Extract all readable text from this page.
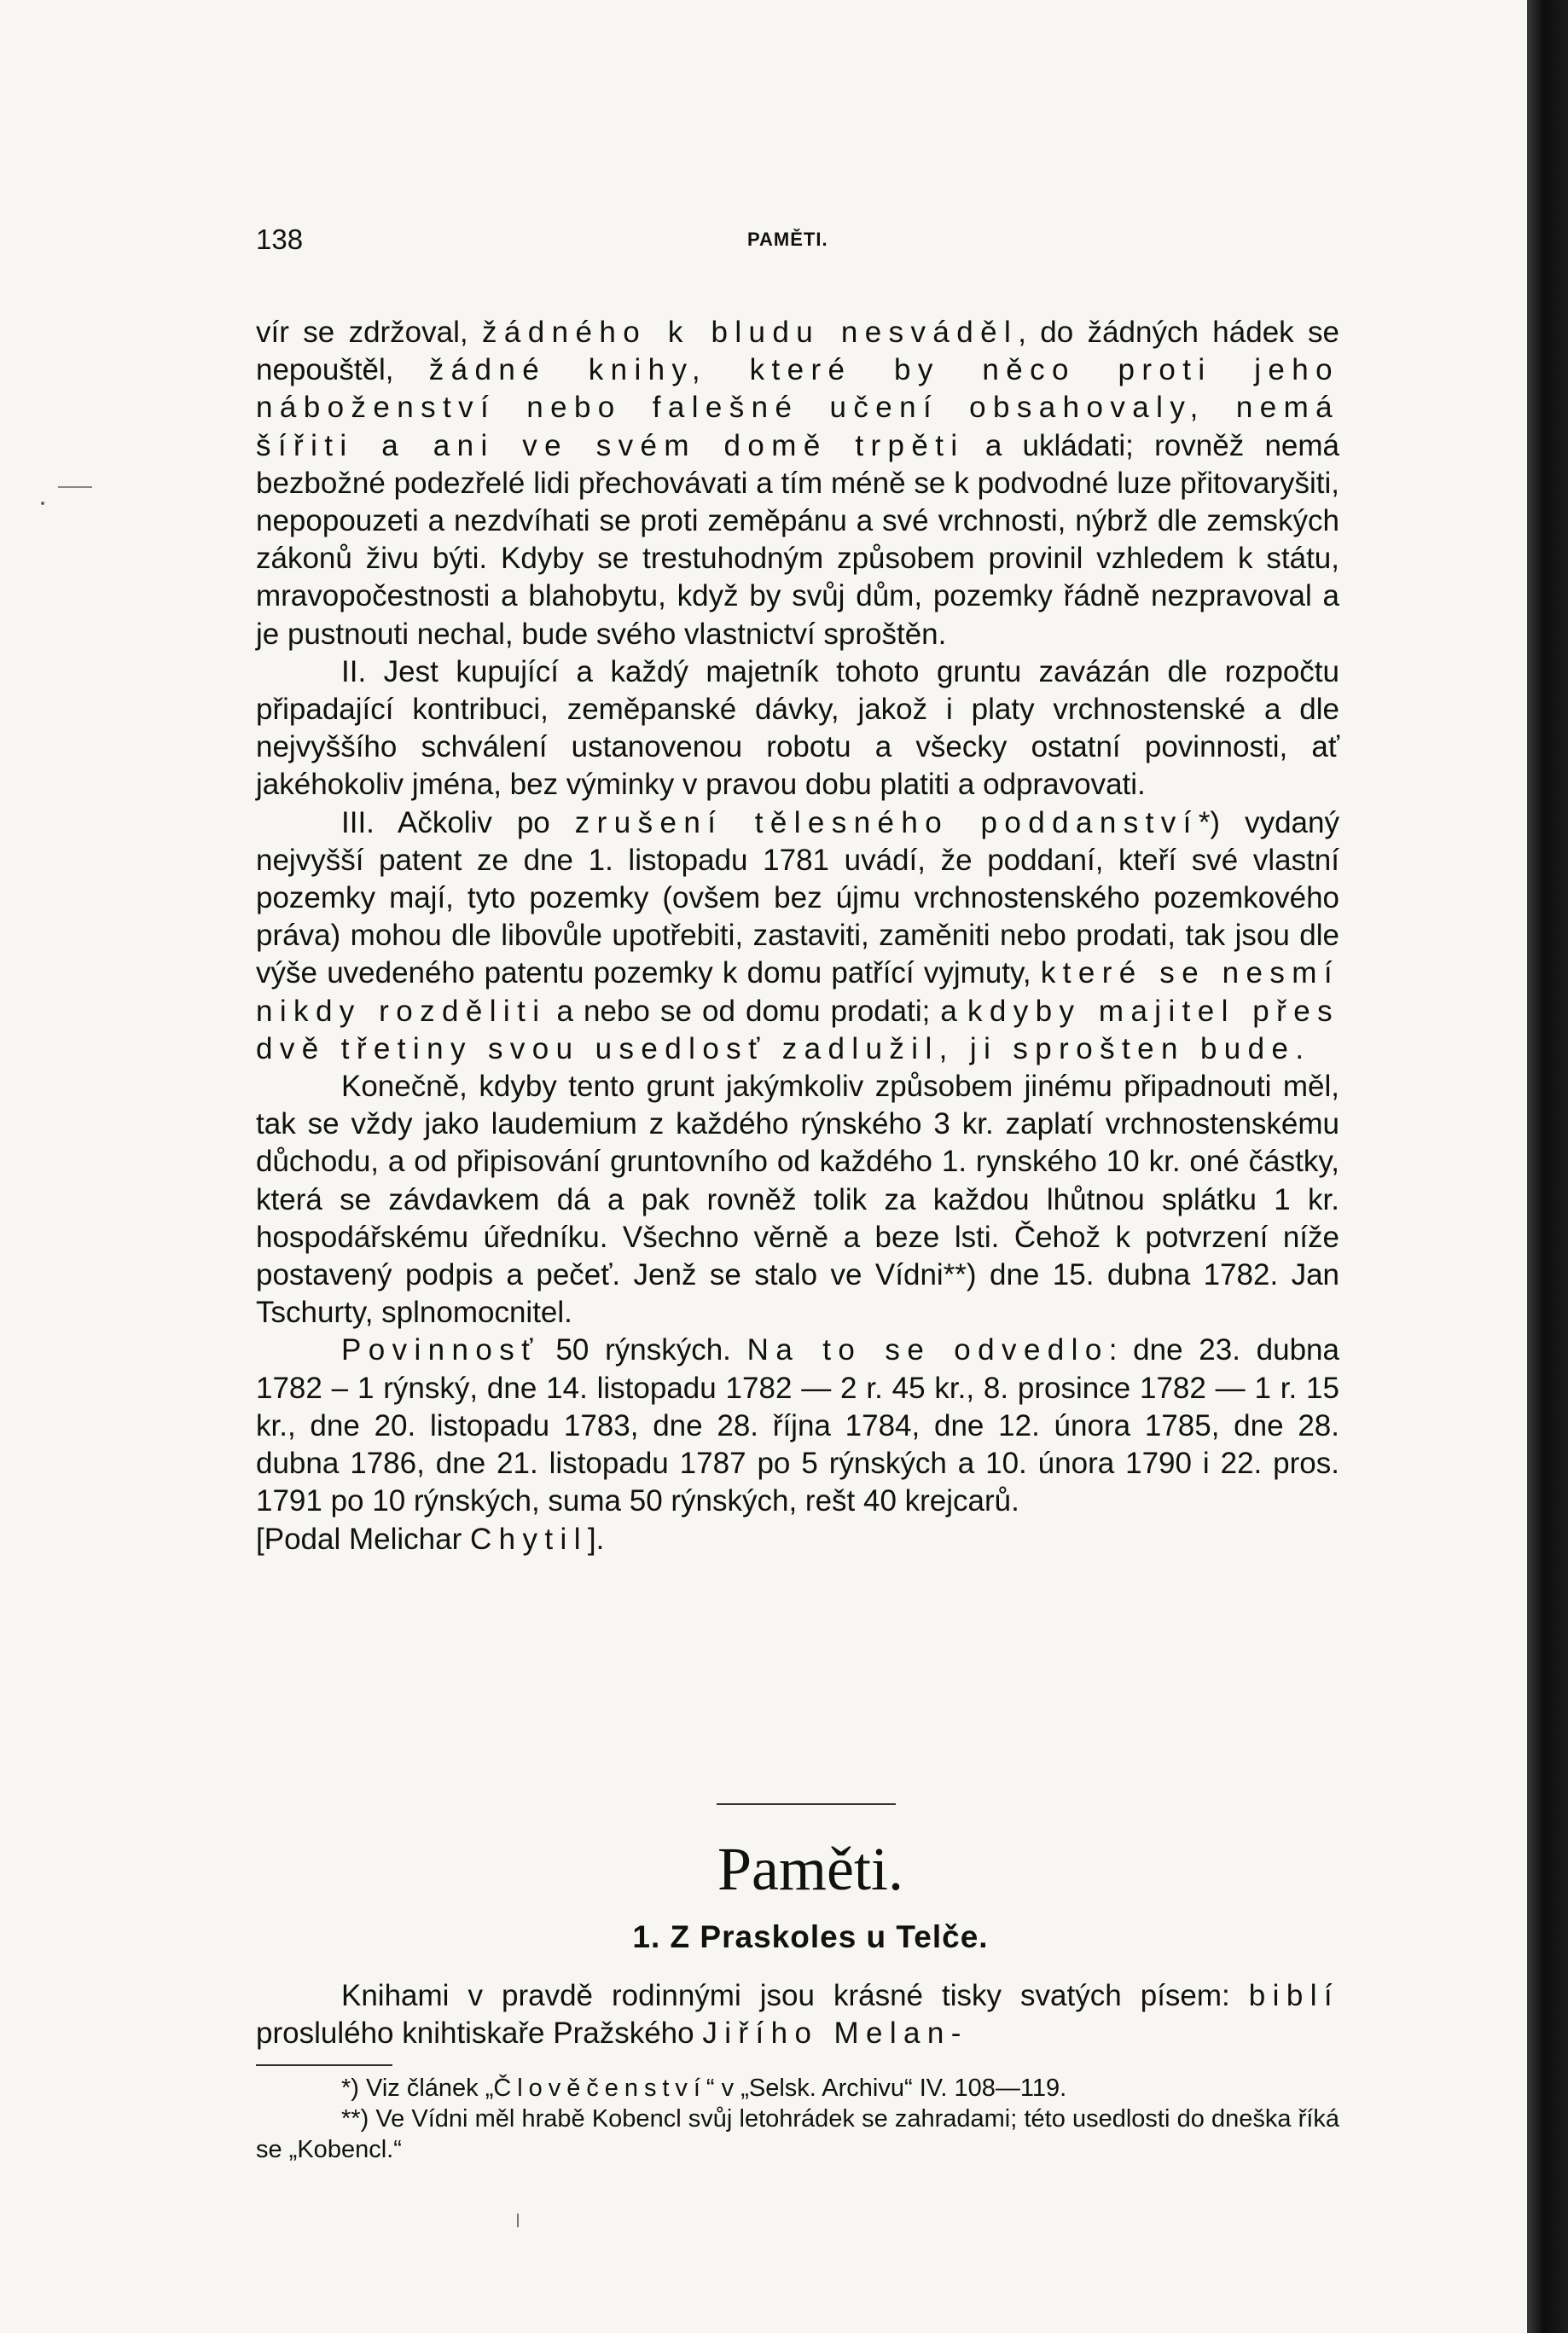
138	PAMĚTI.

vír se zdržoval, žádného k bludu nesváděl, do žádných hádek se nepouštěl, žádné knihy, které by něco proti jeho náboženství nebo falešné učení obsahovaly, nemá šířiti a ani ve svém domě trpěti a ukládati; rovněž nemá bezbožné podezřelé lidi přechovávati a tím méně se k podvodné luze přitovaryšiti, nepopouzeti a nezdvíhati se proti zeměpánu a své vrchnosti, nýbrž dle zemských zákonů živu býti. Kdyby se trestuhodným způsobem provinil vzhledem k státu, mravopočestnosti a blahobytu, když by svůj dům, pozemky řádně nezpravoval a je pustnouti nechal, bude svého vlastnictví sproštěn.

II. Jest kupující a každý majetník tohoto gruntu zavázán dle rozpočtu připadající kontribuci, zeměpanské dávky, jakož i platy vrchnostenské a dle nejvyššího schválení ustanovenou robotu a všecky ostatní povinnosti, ať jakéhokoliv jména, bez výminky v pravou dobu platiti a odpravovati.

III. Ačkoliv po zrušení tělesného poddanství*) vydaný nejvyšší patent ze dne 1. listopadu 1781 uvádí, že poddaní, kteří své vlastní pozemky mají, tyto pozemky (ovšem bez újmu vrchnostenského pozemkového práva) mohou dle libovůle upotřebiti, zastaviti, zaměniti nebo prodati, tak jsou dle výše uvedeného patentu pozemky k domu patřící vyjmuty, které se nesmí nikdy rozděliti a nebo se od domu prodati; a kdyby majitel přes dvě třetiny svou usedlosť zadlužil, ji sprošten bude.

Konečně, kdyby tento grunt jakýmkoliv způsobem jinému připadnouti měl, tak se vždy jako laudemium z každého rýnského 3 kr. zaplatí vrchnostenskému důchodu, a od připisování gruntovního od každého 1. rynského 10 kr. oné částky, která se závdavkem dá a pak rovněž tolik za každou lhůtnou splátku 1 kr. hospodářskému úředníku. Všechno věrně a beze lsti. Čehož k potvrzení níže postavený podpis a pečeť. Jenž se stalo ve Vídni**) dne 15. dubna 1782. Jan Tschurty, splnomocnitel.

Povinnosť 50 rýnských. Na to se odvedlo: dne 23. dubna 1782 – 1 rýnský, dne 14. listopadu 1782 — 2 r. 45 kr., 8. prosince 1782 — 1 r. 15 kr., dne 20. listopadu 1783, dne 28. října 1784, dne 12. února 1785, dne 28. dubna 1786, dne 21. listopadu 1787 po 5 rýnských a 10. února 1790 i 22. pros. 1791 po 10 rýnských, suma 50 rýnských, rešt 40 krejcarů.

[Podal Melichar Chytil].

Paměti.
1. Z Praskoles u Telče.

Knihami v pravdě rodinnými jsou krásné tisky svatých písem: biblí proslulého knihtiskaře Pražského Jiřího Melan-

*) Viz článek „Člověčenství“ v „Selsk. Archivu“ IV. 108—119.

**) Ve Vídni měl hrabě Kobencl svůj letohrádek se zahradami; této usedlosti do dneška říká se „Kobencl.“
